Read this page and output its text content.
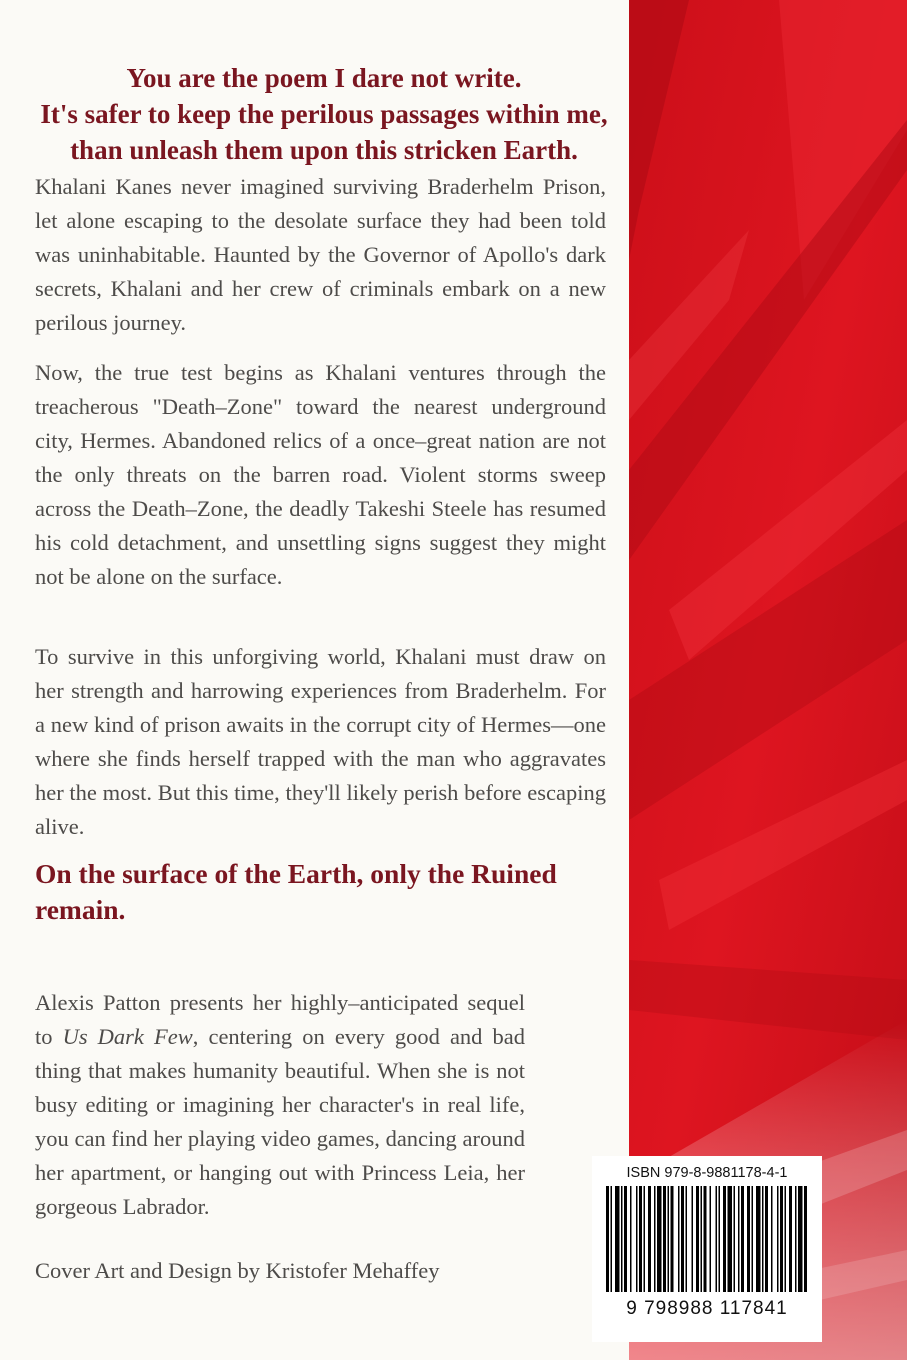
You are the poem I dare not write.
It's safer to keep the perilous passages within me,
than unleash them upon this stricken Earth.

Khalani Kanes never imagined surviving Braderhelm Prison, let alone escaping to the desolate surface they had been told was uninhabitable. Haunted by the Governor of Apollo's dark secrets, Khalani and her crew of criminals embark on a new perilous journey.

Now, the true test begins as Khalani ventures through the treacherous "Death–Zone" toward the nearest underground city, Hermes. Abandoned relics of a once–great nation are not the only threats on the barren road. Violent storms sweep across the Death–Zone, the deadly Takeshi Steele has resumed his cold detachment, and unsettling signs suggest they might not be alone on the surface.

To survive in this unforgiving world, Khalani must draw on her strength and harrowing experiences from Braderhelm. For a new kind of prison awaits in the corrupt city of Hermes—one where she finds herself trapped with the man who aggravates her the most. But this time, they'll likely perish before escaping alive.

On the surface of the Earth, only the Ruined remain.

Alexis Patton presents her highly–anticipated sequel to Us Dark Few, centering on every good and bad thing that makes humanity beautiful. When she is not busy editing or imagining her character's in real life, you can find her playing video games, dancing around her apartment, or hanging out with Princess Leia, her gorgeous Labrador.

Cover Art and Design by Kristofer Mehaffey

ISBN 979-8-9881178-4-1
9 798988 117841
